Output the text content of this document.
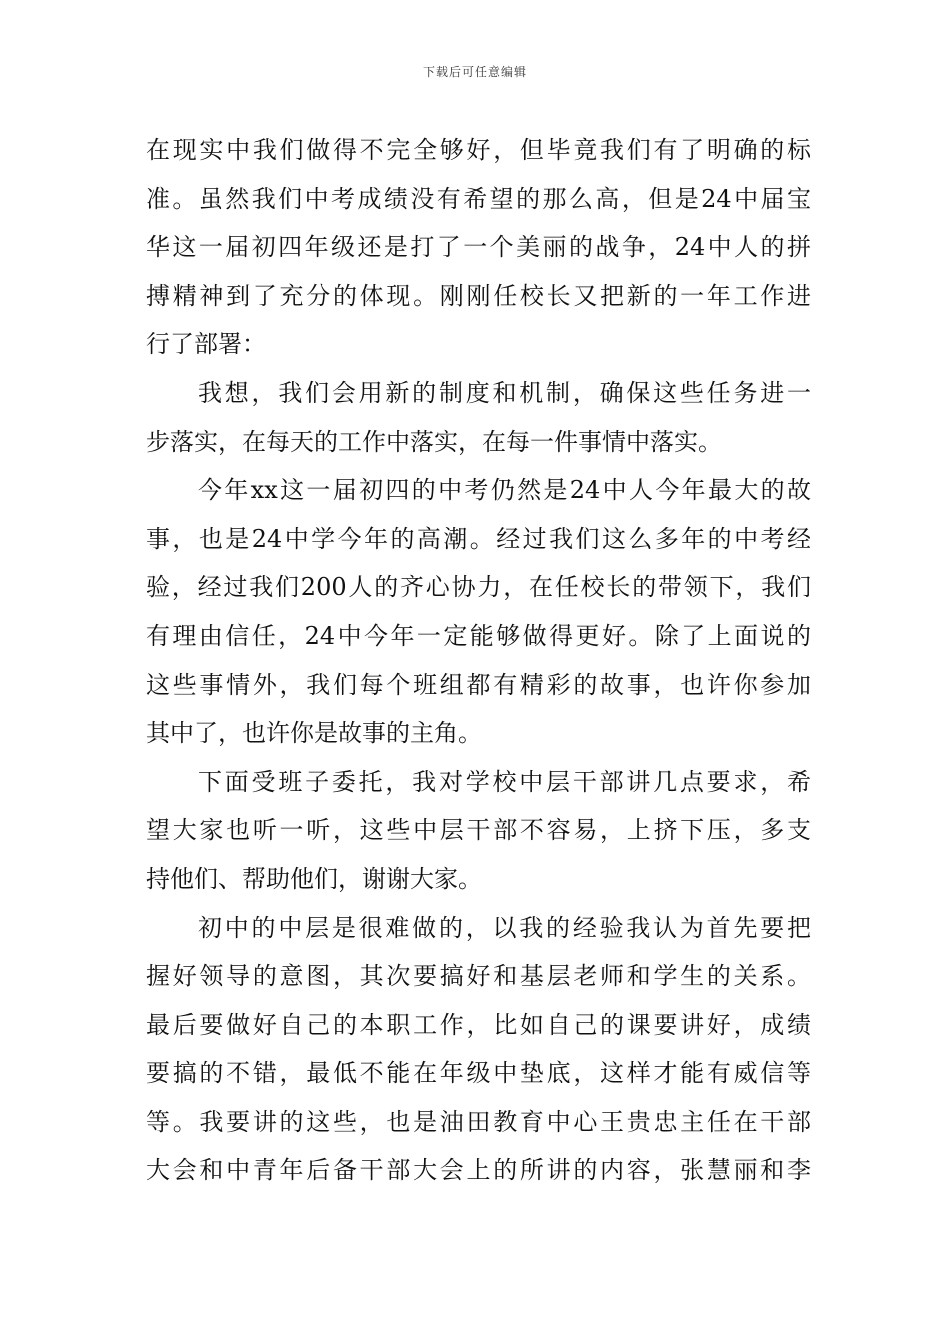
下载后可任意编辑
在现实中我们做得不完全够好，但毕竟我们有了明确的标
准。虽然我们中考成绩没有希望的那么高，但是24中届宝
华这一届初四年级还是打了一个美丽的战争，24中人的拼
搏精神到了充分的体现。刚刚任校长又把新的一年工作进
行了部署：
我想，我们会用新的制度和机制，确保这些任务进一
步落实，在每天的工作中落实，在每一件事情中落实。
今年xx这一届初四的中考仍然是24中人今年最大的故
事，也是24中学今年的高潮。经过我们这么多年的中考经
验，经过我们200人的齐心协力，在任校长的带领下，我们
有理由信任，24中今年一定能够做得更好。除了上面说的
这些事情外，我们每个班组都有精彩的故事，也许你参加
其中了，也许你是故事的主角。
下面受班子委托，我对学校中层干部讲几点要求，希
望大家也听一听，这些中层干部不容易，上挤下压，多支
持他们、帮助他们，谢谢大家。
初中的中层是很难做的，以我的经验我认为首先要把
握好领导的意图，其次要搞好和基层老师和学生的关系。
最后要做好自己的本职工作，比如自己的课要讲好，成绩
要搞的不错，最低不能在年级中垫底，这样才能有威信等
等。我要讲的这些，也是油田教育中心王贵忠主任在干部
大会和中青年后备干部大会上的所讲的内容，张慧丽和李
